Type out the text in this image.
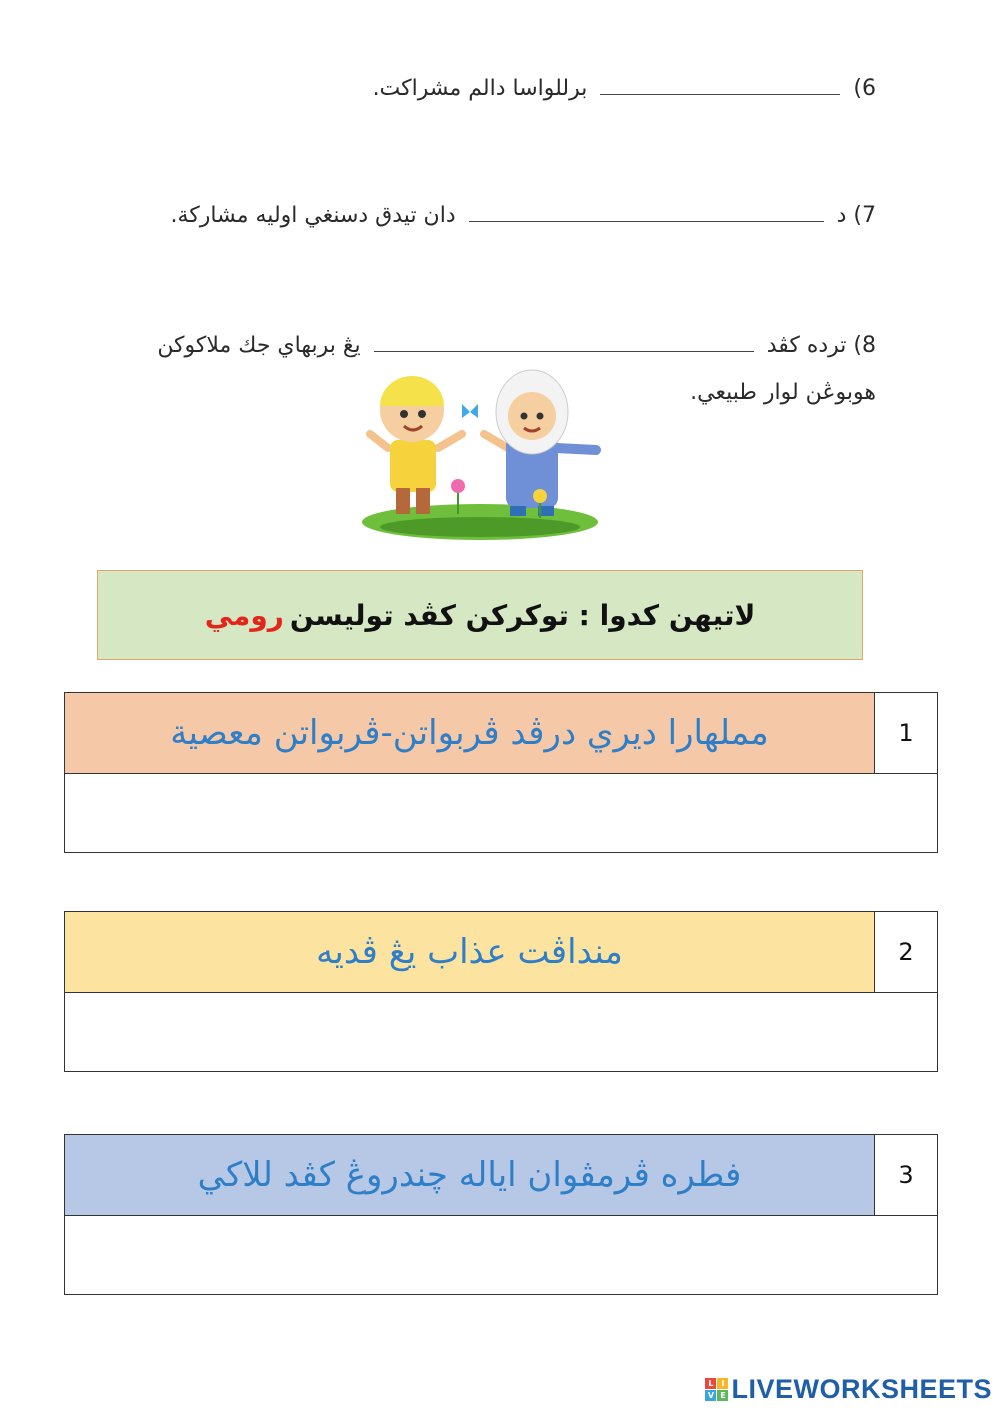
6)  برللواسا دالم مشراكت.
7) د  دان تيدق دسنغي اوليه مشاركة.
8) ترده كڤد  يڠ بربهاي جك ملاكوكن
هوبوڠن لوار طبيعي.
لاتيهن كدوا : توكركن كڤد توليسن
رومي
مملهارا ديري درڤد ڤربواتن-ڤربواتن معصية	1
منداڤت عذاب يڠ ڤديه	2
فطره ڤرمڤوان اياله چندروڠ كڤد للاكي	3
L I
V E LIVEWORKSHEETS
